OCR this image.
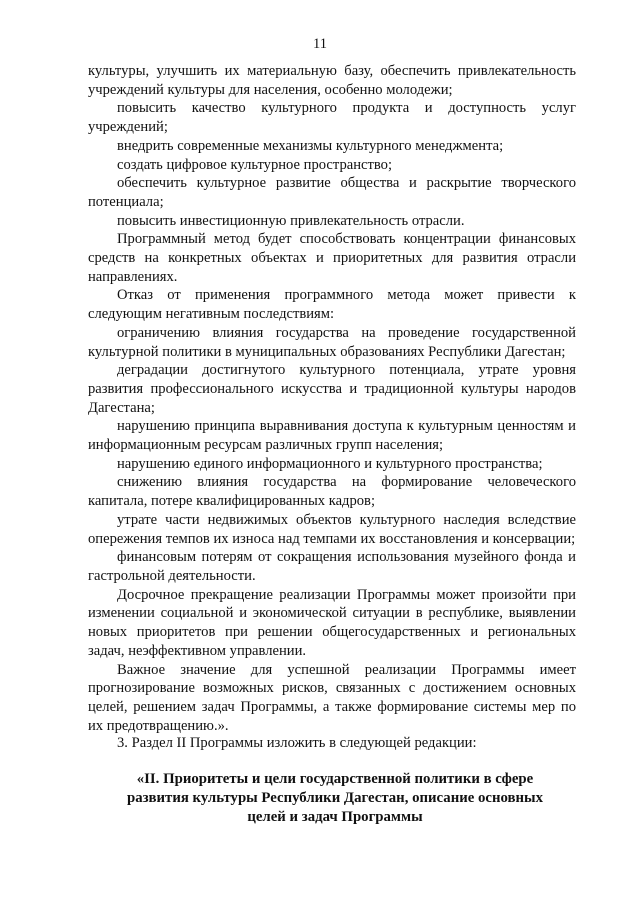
11

культуры, улучшить их материальную базу, обеспечить привлекательность учреждений культуры для населения, особенно молодежи;

повысить качество культурного продукта и доступность услуг учреждений;

внедрить современные механизмы культурного менеджмента;

создать цифровое культурное пространство;

обеспечить культурное развитие общества и раскрытие творческого потенциала;

повысить инвестиционную привлекательность отрасли.

Программный метод будет способствовать концентрации финансовых средств на конкретных объектах и приоритетных для развития отрасли направлениях.

Отказ от применения программного метода может привести к следующим негативным последствиям:

ограничению влияния государства на проведение государственной культурной политики в муниципальных образованиях Республики Дагестан;

деградации достигнутого культурного потенциала, утрате уровня развития профессионального искусства и традиционной культуры народов Дагестана;

нарушению принципа выравнивания доступа к культурным ценностям и информационным ресурсам различных групп населения;

нарушению единого информационного и культурного пространства;

снижению влияния государства на формирование человеческого капитала, потере квалифицированных кадров;

утрате части недвижимых объектов культурного наследия вследствие опережения темпов их износа над темпами их восстановления и консервации;

финансовым потерям от сокращения использования музейного фонда и гастрольной деятельности.

Досрочное прекращение реализации Программы может произойти при изменении социальной и экономической ситуации в республике, выявлении новых приоритетов при решении общегосударственных и региональных задач, неэффективном управлении.

Важное значение для успешной реализации Программы имеет прогнозирование возможных рисков, связанных с достижением основных целей, решением задач Программы, а также формирование системы мер по их предотвращению.».

3. Раздел II Программы изложить в следующей редакции:
«II. Приоритеты и цели государственной политики в сфере развития культуры Республики Дагестан, описание основных целей и задач Программы
